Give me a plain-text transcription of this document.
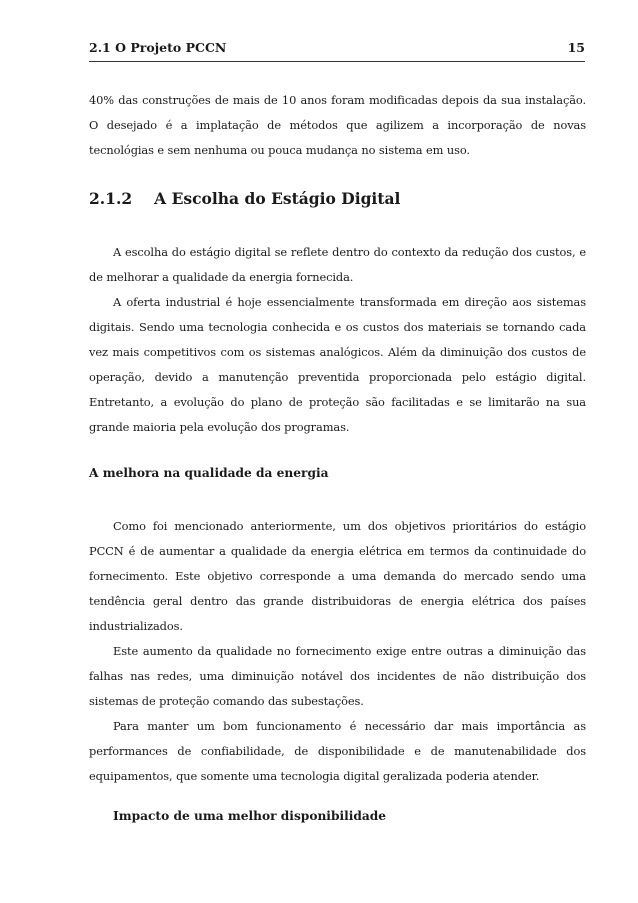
2.1 O Projeto PCCN	15

40% das construções de mais de 10 anos foram modificadas depois da sua instalação. O desejado é a implatação de métodos que agilizem a incorporação de novas tecnológias e sem nenhuma ou pouca mudança no sistema em uso.

2.1.2 A Escolha do Estágio Digital

A escolha do estágio digital se reflete dentro do contexto da redução dos custos, e de melhorar a qualidade da energia fornecida.

A oferta industrial é hoje essencialmente transformada em direção aos sistemas digitais. Sendo uma tecnologia conhecida e os custos dos materiais se tornando cada vez mais competitivos com os sistemas analógicos. Além da diminuição dos custos de operação, devido a manutenção preventida proporcionada pelo estágio digital. Entretanto, a evolução do plano de proteção são facilitadas e se limitarão na sua grande maioria pela evolução dos programas.

A melhora na qualidade da energia

Como foi mencionado anteriormente, um dos objetivos prioritários do estágio PCCN é de aumentar a qualidade da energia elétrica em termos da continuidade do fornecimento. Este objetivo corresponde a uma demanda do mercado sendo uma tendência geral dentro das grande distribuidoras de energia elétrica dos países industrializados.

Este aumento da qualidade no fornecimento exige entre outras a diminuição das falhas nas redes, uma diminuição notável dos incidentes de não distribuição dos sistemas de proteção comando das subestações.

Para manter um bom funcionamento é necessário dar mais importância as performances de confiabilidade, de disponibilidade e de manutenabilidade dos equipamentos, que somente uma tecnologia digital geralizada poderia atender.

Impacto de uma melhor disponibilidade
